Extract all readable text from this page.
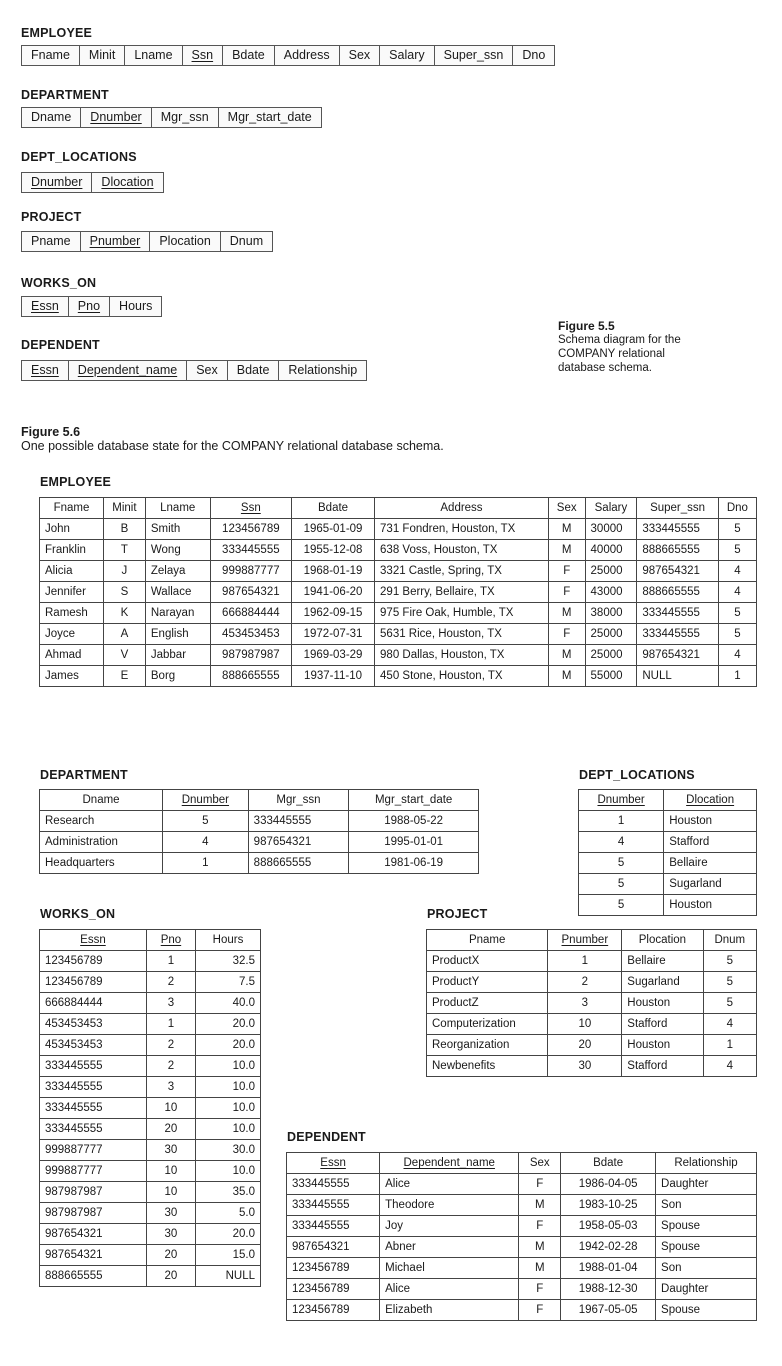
EMPLOYEE
Fname	Minit	Lname	Ssn	Bdate	Address	Sex	Salary	Super_ssn	Dno
DEPARTMENT
Dname	Dnumber	Mgr_ssn	Mgr_start_date
DEPT_LOCATIONS
Dnumber	Dlocation
PROJECT
Pname	Pnumber	Plocation	Dnum
WORKS_ON
Essn	Pno	Hours
DEPENDENT
Essn	Dependent_name	Sex	Bdate	Relationship
Figure 5.5
Schema diagram for the
COMPANY relational
database schema.
Figure 5.6
One possible database state for the COMPANY relational database schema.
EMPLOYEE
Fname	Minit	Lname	Ssn	Bdate	Address	Sex	Salary	Super_ssn	Dno
John	B	Smith	123456789	1965-01-09	731 Fondren, Houston, TX	M	30000	333445555	5
Franklin	T	Wong	333445555	1955-12-08	638 Voss, Houston, TX	M	40000	888665555	5
Alicia	J	Zelaya	999887777	1968-01-19	3321 Castle, Spring, TX	F	25000	987654321	4
Jennifer	S	Wallace	987654321	1941-06-20	291 Berry, Bellaire, TX	F	43000	888665555	4
Ramesh	K	Narayan	666884444	1962-09-15	975 Fire Oak, Humble, TX	M	38000	333445555	5
Joyce	A	English	453453453	1972-07-31	5631 Rice, Houston, TX	F	25000	333445555	5
Ahmad	V	Jabbar	987987987	1969-03-29	980 Dallas, Houston, TX	M	25000	987654321	4
James	E	Borg	888665555	1937-11-10	450 Stone, Houston, TX	M	55000	NULL	1
DEPARTMENT
Dname	Dnumber	Mgr_ssn	Mgr_start_date
Research	5	333445555	1988-05-22
Administration	4	987654321	1995-01-01
Headquarters	1	888665555	1981-06-19
DEPT_LOCATIONS
Dnumber	Dlocation
1	Houston
4	Stafford
5	Bellaire
5	Sugarland
5	Houston
WORKS_ON
Essn	Pno	Hours
123456789	1	32.5
123456789	2	7.5
666884444	3	40.0
453453453	1	20.0
453453453	2	20.0
333445555	2	10.0
333445555	3	10.0
333445555	10	10.0
333445555	20	10.0
999887777	30	30.0
999887777	10	10.0
987987987	10	35.0
987987987	30	5.0
987654321	30	20.0
987654321	20	15.0
888665555	20	NULL
PROJECT
Pname	Pnumber	Plocation	Dnum
ProductX	1	Bellaire	5
ProductY	2	Sugarland	5
ProductZ	3	Houston	5
Computerization	10	Stafford	4
Reorganization	20	Houston	1
Newbenefits	30	Stafford	4
DEPENDENT
Essn	Dependent_name	Sex	Bdate	Relationship
333445555	Alice	F	1986-04-05	Daughter
333445555	Theodore	M	1983-10-25	Son
333445555	Joy	F	1958-05-03	Spouse
987654321	Abner	M	1942-02-28	Spouse
123456789	Michael	M	1988-01-04	Son
123456789	Alice	F	1988-12-30	Daughter
123456789	Elizabeth	F	1967-05-05	Spouse
